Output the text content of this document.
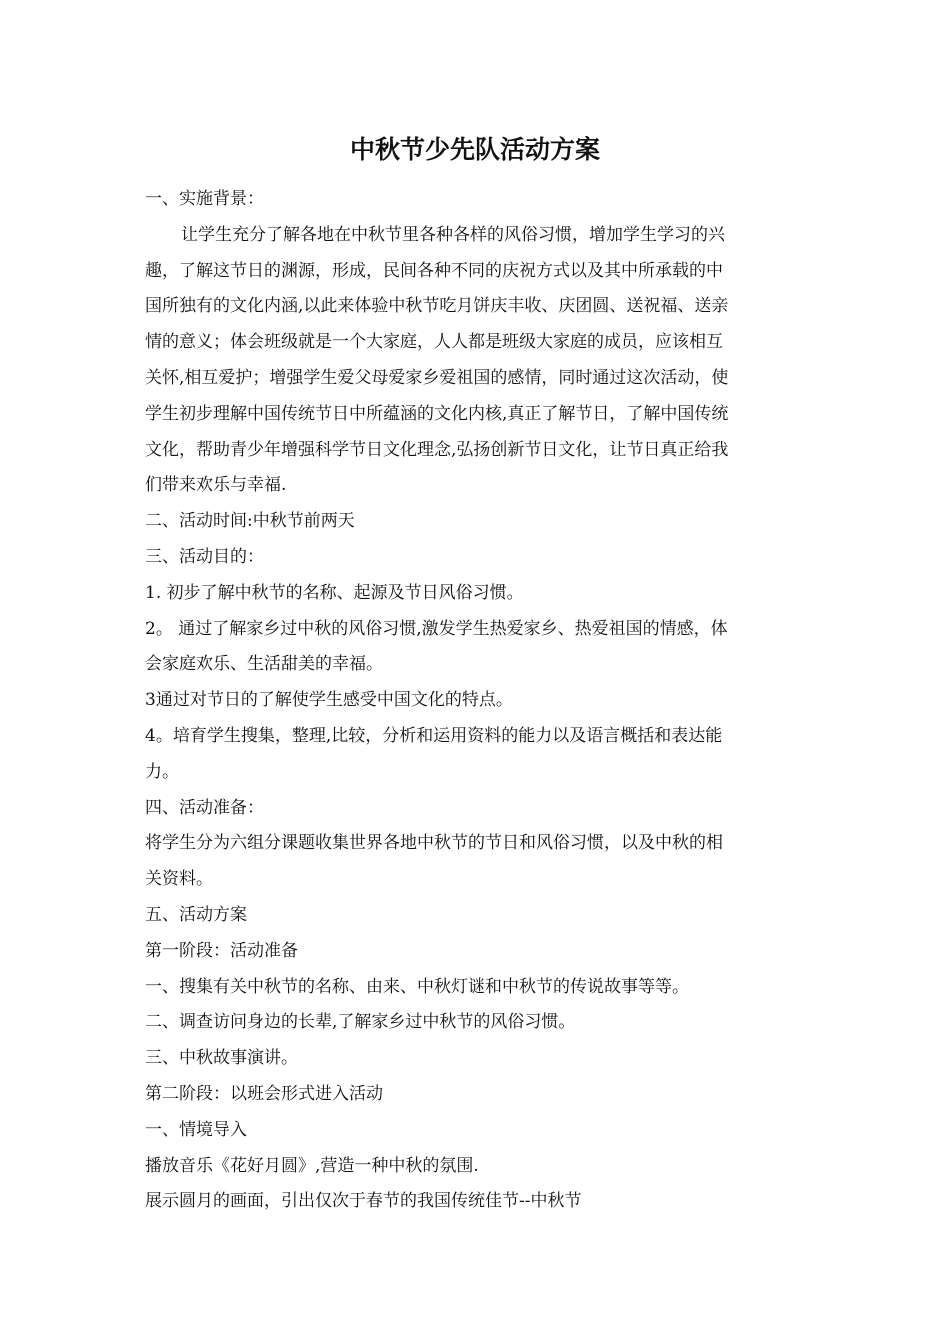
中秋节少先队活动方案
一、实施背景：
让学生充分了解各地在中秋节里各种各样的风俗习惯，增加学生学习的兴
趣，了解这节日的渊源，形成，民间各种不同的庆祝方式以及其中所承载的中
国所独有的文化内涵,以此来体验中秋节吃月饼庆丰收、庆团圆、送祝福、送亲
情的意义；体会班级就是一个大家庭，人人都是班级大家庭的成员，应该相互
关怀,相互爱护；增强学生爱父母爱家乡爱祖国的感情，同时通过这次活动，使
学生初步理解中国传统节日中所蕴涵的文化内核,真正了解节日，了解中国传统
文化，帮助青少年增强科学节日文化理念,弘扬创新节日文化，让节日真正给我
们带来欢乐与幸福.
二、活动时间:中秋节前两天
三、活动目的：
1. 初步了解中秋节的名称、起源及节日风俗习惯。
2。 通过了解家乡过中秋的风俗习惯,激发学生热爱家乡、热爱祖国的情感，体
会家庭欢乐、生活甜美的幸福。
3通过对节日的了解使学生感受中国文化的特点。
4。培育学生搜集，整理,比较，分析和运用资料的能力以及语言概括和表达能
力。
四、活动准备：
将学生分为六组分课题收集世界各地中秋节的节日和风俗习惯，以及中秋的相
关资料。
五、活动方案
第一阶段：活动准备
一、搜集有关中秋节的名称、由来、中秋灯谜和中秋节的传说故事等等。
二、调查访问身边的长辈,了解家乡过中秋节的风俗习惯。
三、中秋故事演讲。
第二阶段：以班会形式进入活动
一、情境导入
播放音乐《花好月圆》,营造一种中秋的氛围.
展示圆月的画面，引出仅次于春节的我国传统佳节--中秋节
